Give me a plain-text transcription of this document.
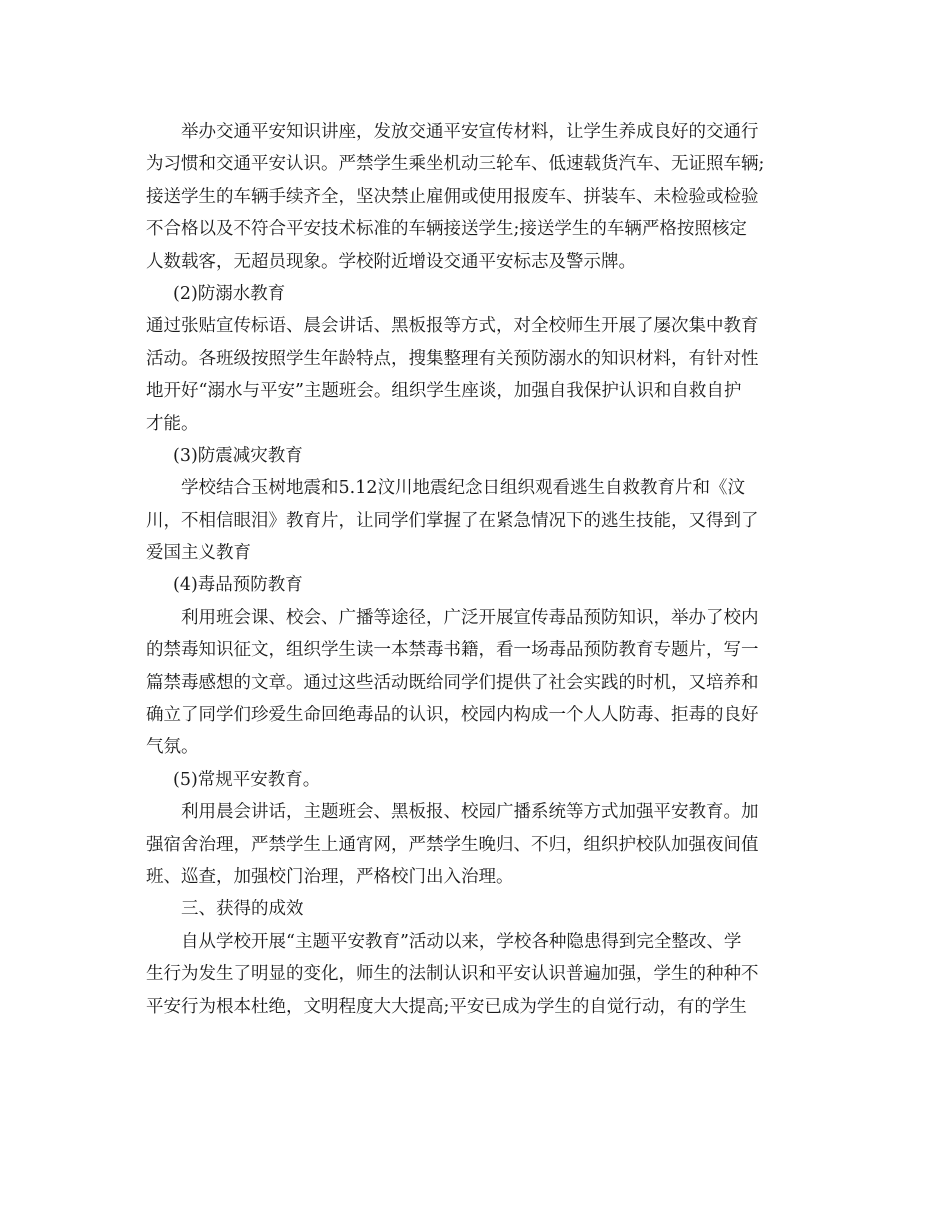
举办交通平安知识讲座，发放交通平安宣传材料，让学生养成良好的交通行
为习惯和交通平安认识。严禁学生乘坐机动三轮车、低速载货汽车、无证照车辆;
接送学生的车辆手续齐全，坚决禁止雇佣或使用报废车、拼装车、未检验或检验
不合格以及不符合平安技术标准的车辆接送学生;接送学生的车辆严格按照核定
人数载客，无超员现象。学校附近增设交通平安标志及警示牌。
(2)防溺水教育
通过张贴宣传标语、晨会讲话、黑板报等方式，对全校师生开展了屡次集中教育
活动。各班级按照学生年龄特点，搜集整理有关预防溺水的知识材料，有针对性
地开好“溺水与平安”主题班会。组织学生座谈，加强自我保护认识和自救自护
才能。
(3)防震减灾教育
学校结合玉树地震和5.12汶川地震纪念日组织观看逃生自救教育片和《汶
川，不相信眼泪》教育片，让同学们掌握了在紧急情况下的逃生技能，又得到了
爱国主义教育
(4)毒品预防教育
利用班会课、校会、广播等途径，广泛开展宣传毒品预防知识，举办了校内
的禁毒知识征文，组织学生读一本禁毒书籍，看一场毒品预防教育专题片，写一
篇禁毒感想的文章。通过这些活动既给同学们提供了社会实践的时机，又培养和
确立了同学们珍爱生命回绝毒品的认识，校园内构成一个人人防毒、拒毒的良好
气氛。
(5)常规平安教育。
利用晨会讲话，主题班会、黑板报、校园广播系统等方式加强平安教育。加
强宿舍治理，严禁学生上通宵网，严禁学生晚归、不归，组织护校队加强夜间值
班、巡查，加强校门治理，严格校门出入治理。
三、获得的成效
自从学校开展“主题平安教育”活动以来，学校各种隐患得到完全整改、学
生行为发生了明显的变化，师生的法制认识和平安认识普遍加强，学生的种种不
平安行为根本杜绝，文明程度大大提高;平安已成为学生的自觉行动，有的学生
